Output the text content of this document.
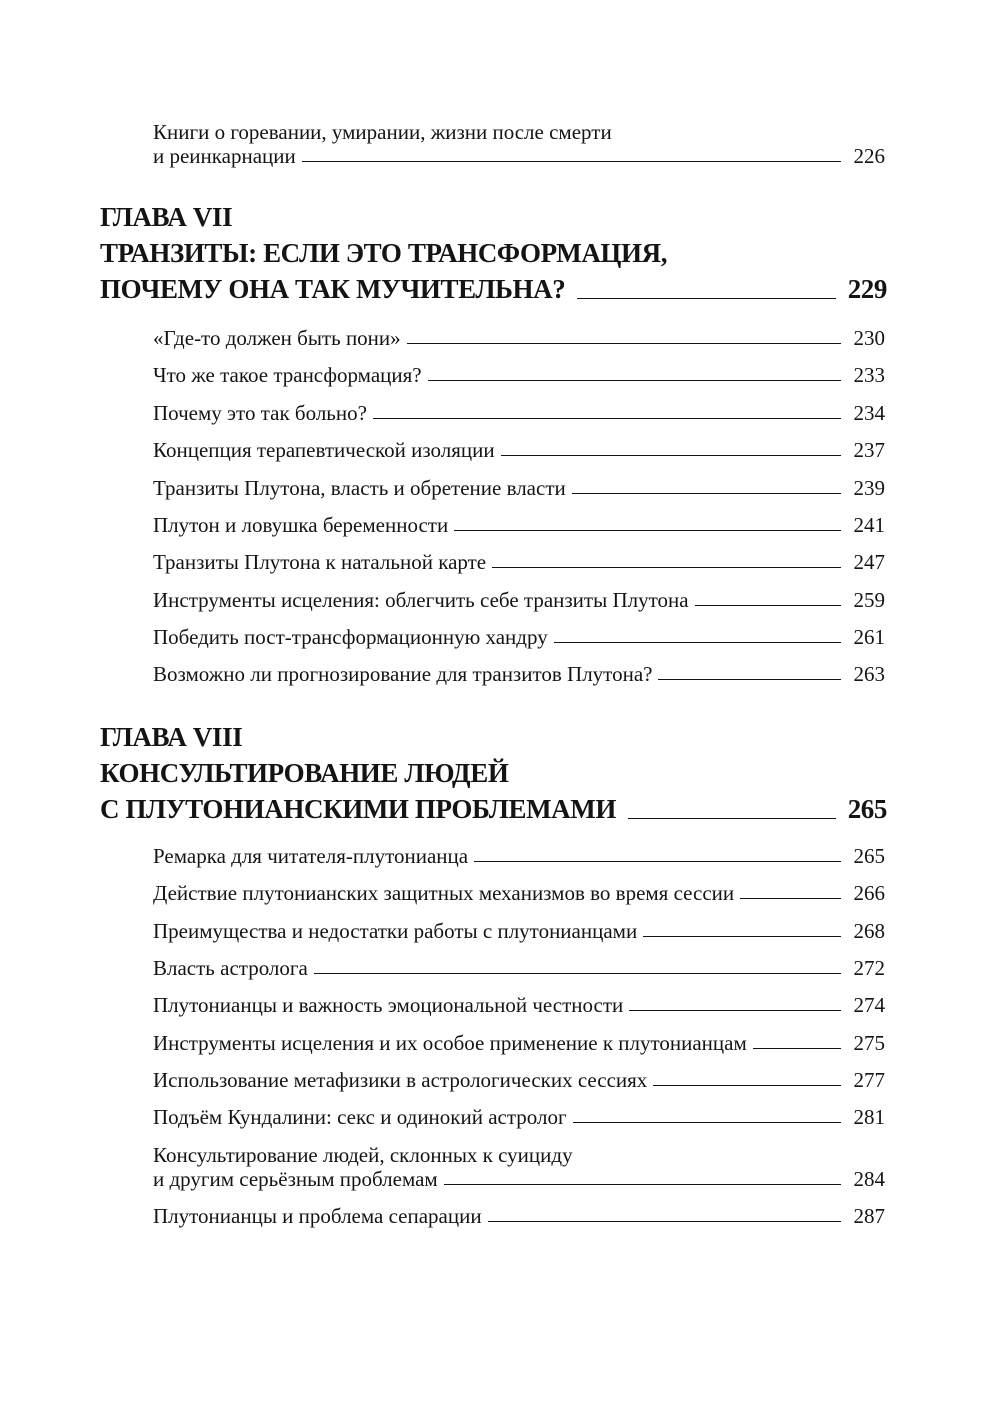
Книги о горевании, умирании, жизни после смерти
и реинкарнации	226
ГЛАВА VII
ТРАНЗИТЫ: ЕСЛИ ЭТО ТРАНСФОРМАЦИЯ,
ПОЧЕМУ ОНА ТАК МУЧИТЕЛЬНА?	229
«Где-то должен быть пони»	230
Что же такое трансформация?	233
Почему это так больно?	234
Концепция терапевтической изоляции	237
Транзиты Плутона, власть и обретение власти	239
Плутон и ловушка беременности	241
Транзиты Плутона к натальной карте	247
Инструменты исцеления: облегчить себе транзиты Плутона	259
Победить пост-трансформационную хандру	261
Возможно ли прогнозирование для транзитов Плутона?	263
ГЛАВА VIII
КОНСУЛЬТИРОВАНИЕ ЛЮДЕЙ
С ПЛУТОНИАНСКИМИ ПРОБЛЕМАМИ	265
Ремарка для читателя-плутонианца	265
Действие плутонианских защитных механизмов во время сессии	266
Преимущества и недостатки работы с плутонианцами	268
Власть астролога	272
Плутонианцы и важность эмоциональной честности	274
Инструменты исцеления и их особое применение к плутонианцам	275
Использование метафизики в астрологических сессиях	277
Подъём Кундалини: секс и одинокий астролог	281
Консультирование людей, склонных к суициду
и другим серьёзным проблемам	284
Плутонианцы и проблема сепарации	287
